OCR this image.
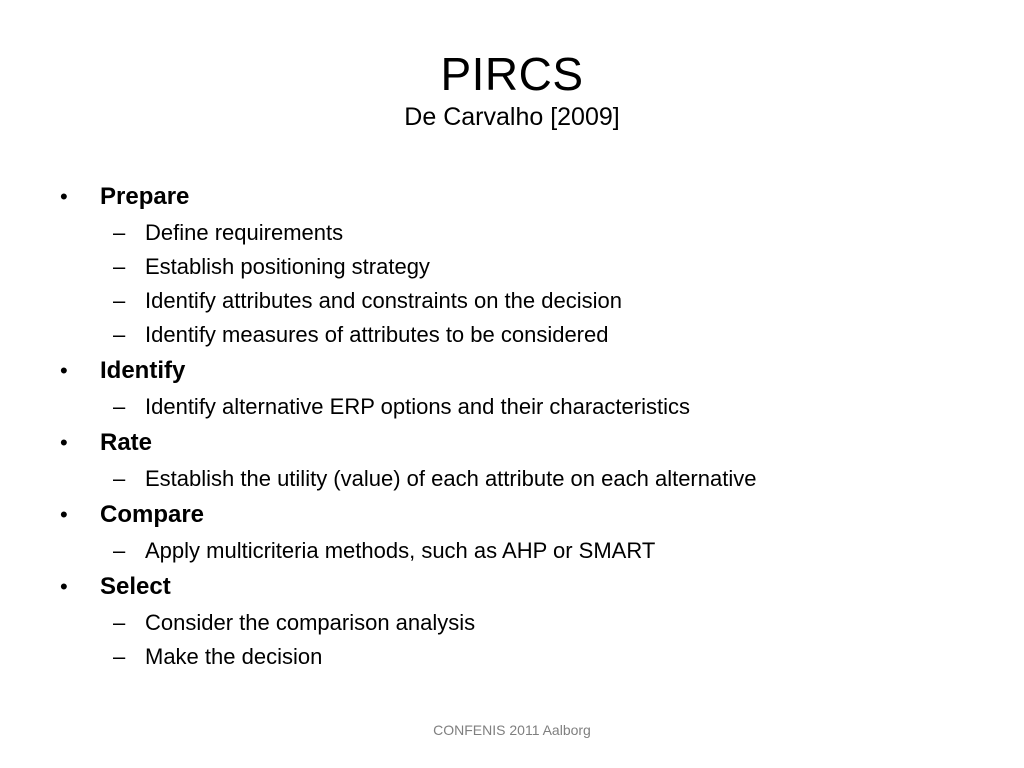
PIRCS
De Carvalho [2009]
•	Prepare
– Define requirements
– Establish positioning strategy
– Identify attributes and constraints on the decision
– Identify measures of attributes to be considered
•	Identify
– Identify alternative ERP options and their characteristics
•	Rate
– Establish the utility (value) of each attribute on each alternative
•	Compare
– Apply multicriteria methods, such as AHP or SMART
•	Select
– Consider the comparison analysis
– Make the decision
CONFENIS 2011 Aalborg
